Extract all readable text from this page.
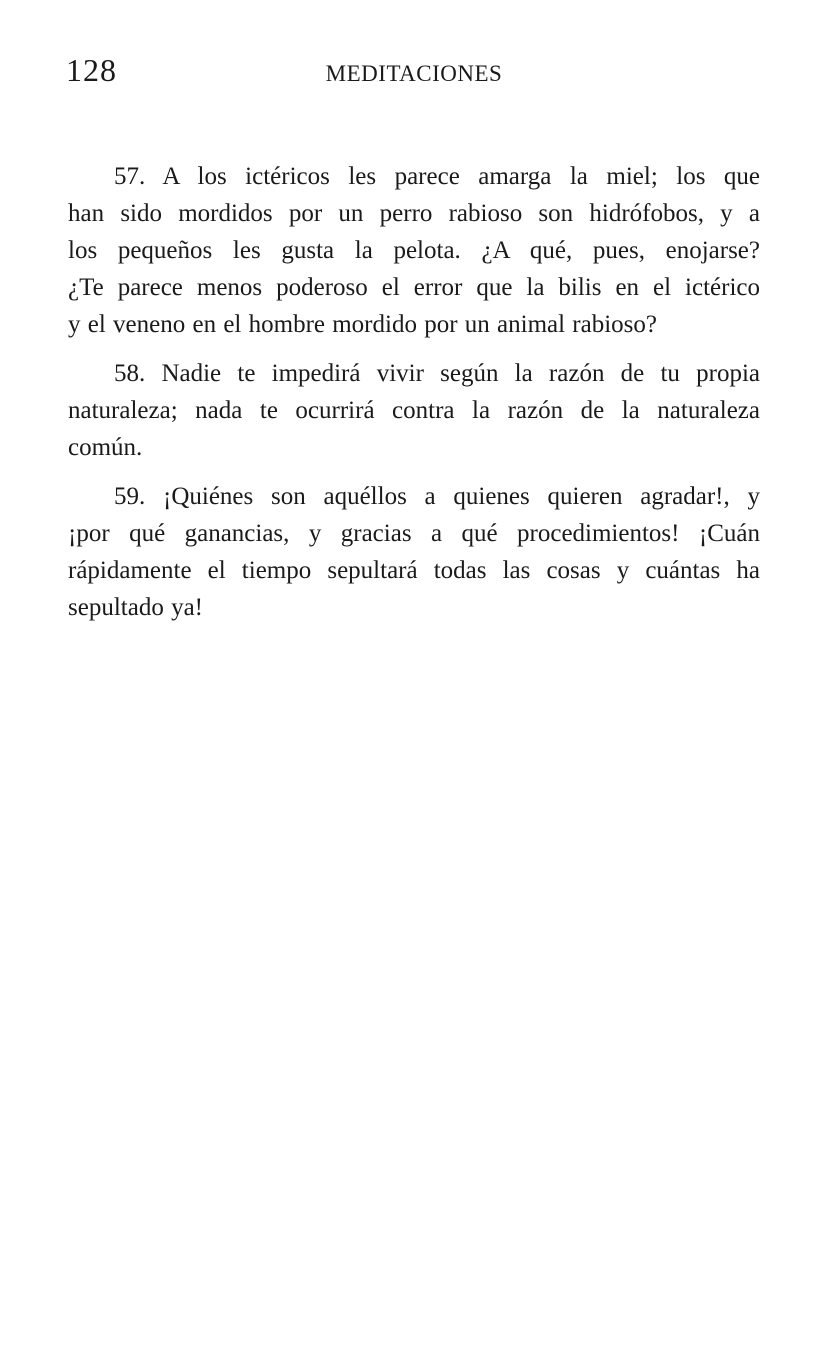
128	MEDITACIONES

57. A los ictéricos les parece amarga la miel; los que
han sido mordidos por un perro rabioso son hidrófobos, y a
los pequeños les gusta la pelota. ¿A qué, pues, enojarse?
¿Te parece menos poderoso el error que la bilis en el ictérico
y el veneno en el hombre mordido por un animal rabioso?

58. Nadie te impedirá vivir según la razón de tu propia
naturaleza; nada te ocurrirá contra la razón de la naturaleza
común.

59. ¡Quiénes son aquéllos a quienes quieren agradar!, y
¡por qué ganancias, y gracias a qué procedimientos! ¡Cuán
rápidamente el tiempo sepultará todas las cosas y cuántas ha
sepultado ya!
